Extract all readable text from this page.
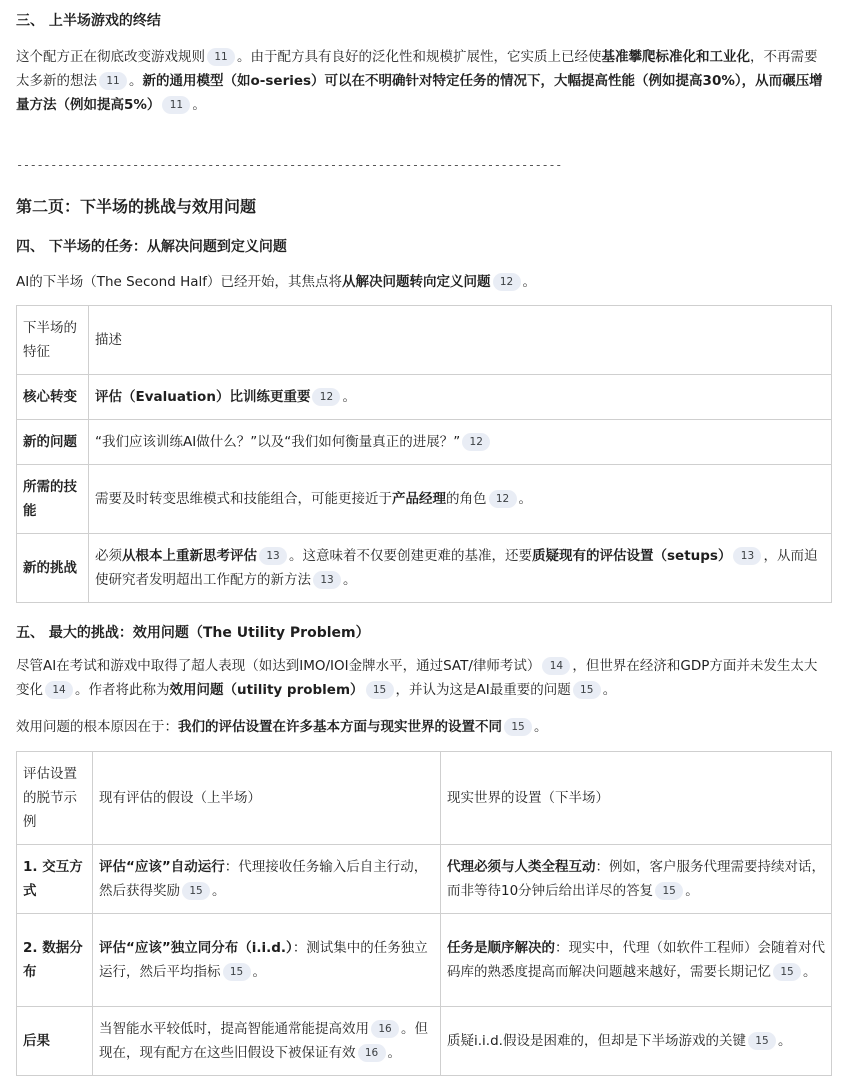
三、 上半场游戏的终结
这个配方正在彻底改变游戏规则 11 。由于配方具有良好的泛化性和规模扩展性，它实质上已经使基准攀爬标准化和工业化，不再需要太多新的想法 11 。新的通用模型（如o-series）可以在不明确针对特定任务的情况下，大幅提高性能（例如提高30%），从而碾压增量方法（例如提高5%） 11 。
--------------------------------------------------------------------------------
第二页：下半场的挑战与效用问题
四、 下半场的任务：从解决问题到定义问题
AI的下半场（The Second Half）已经开始，其焦点将从解决问题转向定义问题 12 。
下半场的特征	描述
核心转变	评估（Evaluation）比训练更重要 12 。
新的问题	“我们应该训练AI做什么？”以及“我们如何衡量真正的进展？” 12
所需的技能	需要及时转变思维模式和技能组合，可能更接近于产品经理的角色 12 。
新的挑战	必须从根本上重新思考评估 13 。这意味着不仅要创建更难的基准，还要质疑现有的评估设置（setups） 13 ，从而迫使研究者发明超出工作配方的新方法 13 。
五、 最大的挑战：效用问题（The Utility Problem）
尽管AI在考试和游戏中取得了超人表现（如达到IMO/IOI金牌水平，通过SAT/律师考试） 14 ，但世界在经济和GDP方面并未发生太大变化 14 。作者将此称为效用问题（utility problem） 15 ，并认为这是AI最重要的问题 15 。
效用问题的根本原因在于：我们的评估设置在许多基本方面与现实世界的设置不同 15 。
评估设置的脱节示例	现有评估的假设（上半场）	现实世界的设置（下半场）
1. 交互方式	评估“应该”自动运行：代理接收任务输入后自主行动，然后获得奖励 15 。	代理必须与人类全程互动：例如，客户服务代理需要持续对话，而非等待10分钟后给出详尽的答复 15 。
2. 数据分布	评估“应该”独立同分布（i.i.d.）：测试集中的任务独立运行，然后平均指标 15 。	任务是顺序解决的：现实中，代理（如软件工程师）会随着对代码库的熟悉度提高而解决问题越来越好，需要长期记忆 15 。
后果	当智能水平较低时，提高智能通常能提高效用 16 。但现在，现有配方在这些旧假设下被保证有效 16 。	质疑i.i.d.假设是困难的，但却是下半场游戏的关键 15 。
